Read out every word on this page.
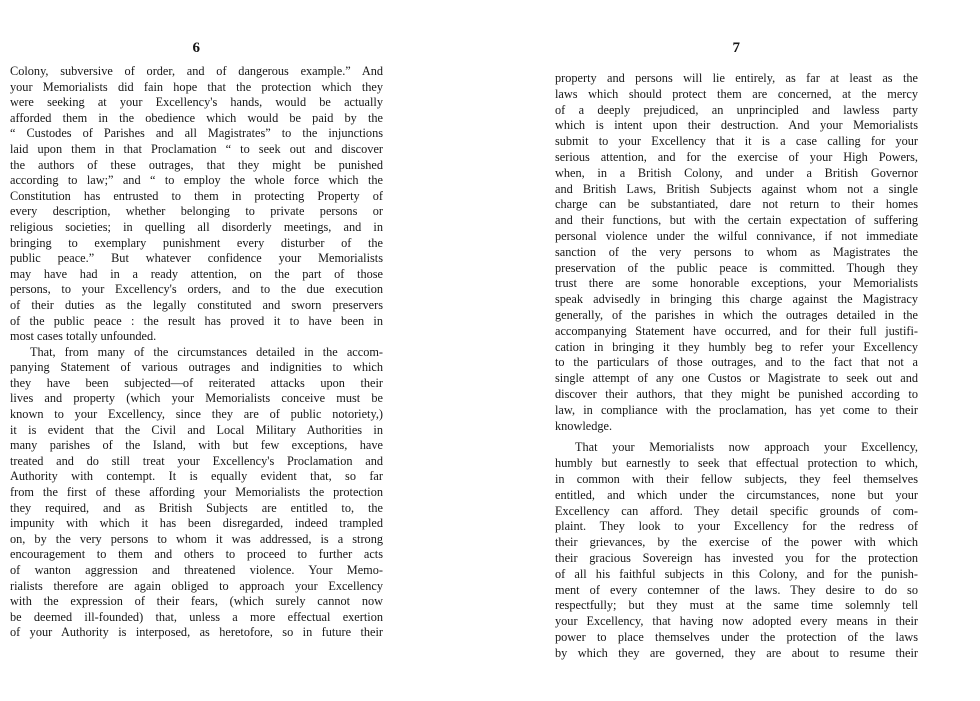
6
Colony, subversive of order, and of dangerous example.” And
your Memorialists did fain hope that the protection which they
were seeking at your Excellency's hands, would be actually
afforded them in the obedience which would be paid by the
“ Custodes of Parishes and all Magistrates” to the injunctions
laid upon them in that Proclamation “ to seek out and discover
the authors of these outrages, that they might be punished
according to law;” and “ to employ the whole force which the
Constitution has entrusted to them in protecting Property of
every description, whether belonging to private persons or
religious societies; in quelling all disorderly meetings, and in
bringing to exemplary punishment every disturber of the
public peace.” But whatever confidence your Memorialists
may have had in a ready attention, on the part of those
persons, to your Excellency's orders, and to the due execution
of their duties as the legally constituted and sworn preservers
of the public peace : the result has proved it to have been in
most cases totally unfounded.
That, from many of the circumstances detailed in the accom-
panying Statement of various outrages and indignities to which
they have been subjected—of reiterated attacks upon their
lives and property (which your Memorialists conceive must be
known to your Excellency, since they are of public notoriety,)
it is evident that the Civil and Local Military Authorities in
many parishes of the Island, with but few exceptions, have
treated and do still treat your Excellency's Proclamation and
Authority with contempt. It is equally evident that, so far
from the first of these affording your Memorialists the protection
they required, and as British Subjects are entitled to, the
impunity with which it has been disregarded, indeed trampled
on, by the very persons to whom it was addressed, is a strong
encouragement to them and others to proceed to further acts
of wanton aggression and threatened violence. Your Memo-
rialists therefore are again obliged to approach your Excellency
with the expression of their fears, (which surely cannot now
be deemed ill-founded) that, unless a more effectual exertion
of your Authority is interposed, as heretofore, so in future their
7
property and persons will lie entirely, as far at least as the
laws which should protect them are concerned, at the mercy
of a deeply prejudiced, an unprincipled and lawless party
which is intent upon their destruction. And your Memorialists
submit to your Excellency that it is a case calling for your
serious attention, and for the exercise of your High Powers,
when, in a British Colony, and under a British Governor
and British Laws, British Subjects against whom not a single
charge can be substantiated, dare not return to their homes
and their functions, but with the certain expectation of suffering
personal violence under the wilful connivance, if not immediate
sanction of the very persons to whom as Magistrates the
preservation of the public peace is committed. Though they
trust there are some honorable exceptions, your Memorialists
speak advisedly in bringing this charge against the Magistracy
generally, of the parishes in which the outrages detailed in the
accompanying Statement have occurred, and for their full justifi-
cation in bringing it they humbly beg to refer your Excellency
to the particulars of those outrages, and to the fact that not a
single attempt of any one Custos or Magistrate to seek out and
discover their authors, that they might be punished according to
law, in compliance with the proclamation, has yet come to their
knowledge.
That your Memorialists now approach your Excellency,
humbly but earnestly to seek that effectual protection to which,
in common with their fellow subjects, they feel themselves
entitled, and which under the circumstances, none but your
Excellency can afford. They detail specific grounds of com-
plaint. They look to your Excellency for the redress of
their grievances, by the exercise of the power with which
their gracious Sovereign has invested you for the protection
of all his faithful subjects in this Colony, and for the punish-
ment of every contemner of the laws. They desire to do so
respectfully; but they must at the same time solemnly tell
your Excellency, that having now adopted every means in their
power to place themselves under the protection of the laws
by which they are governed, they are about to resume their
